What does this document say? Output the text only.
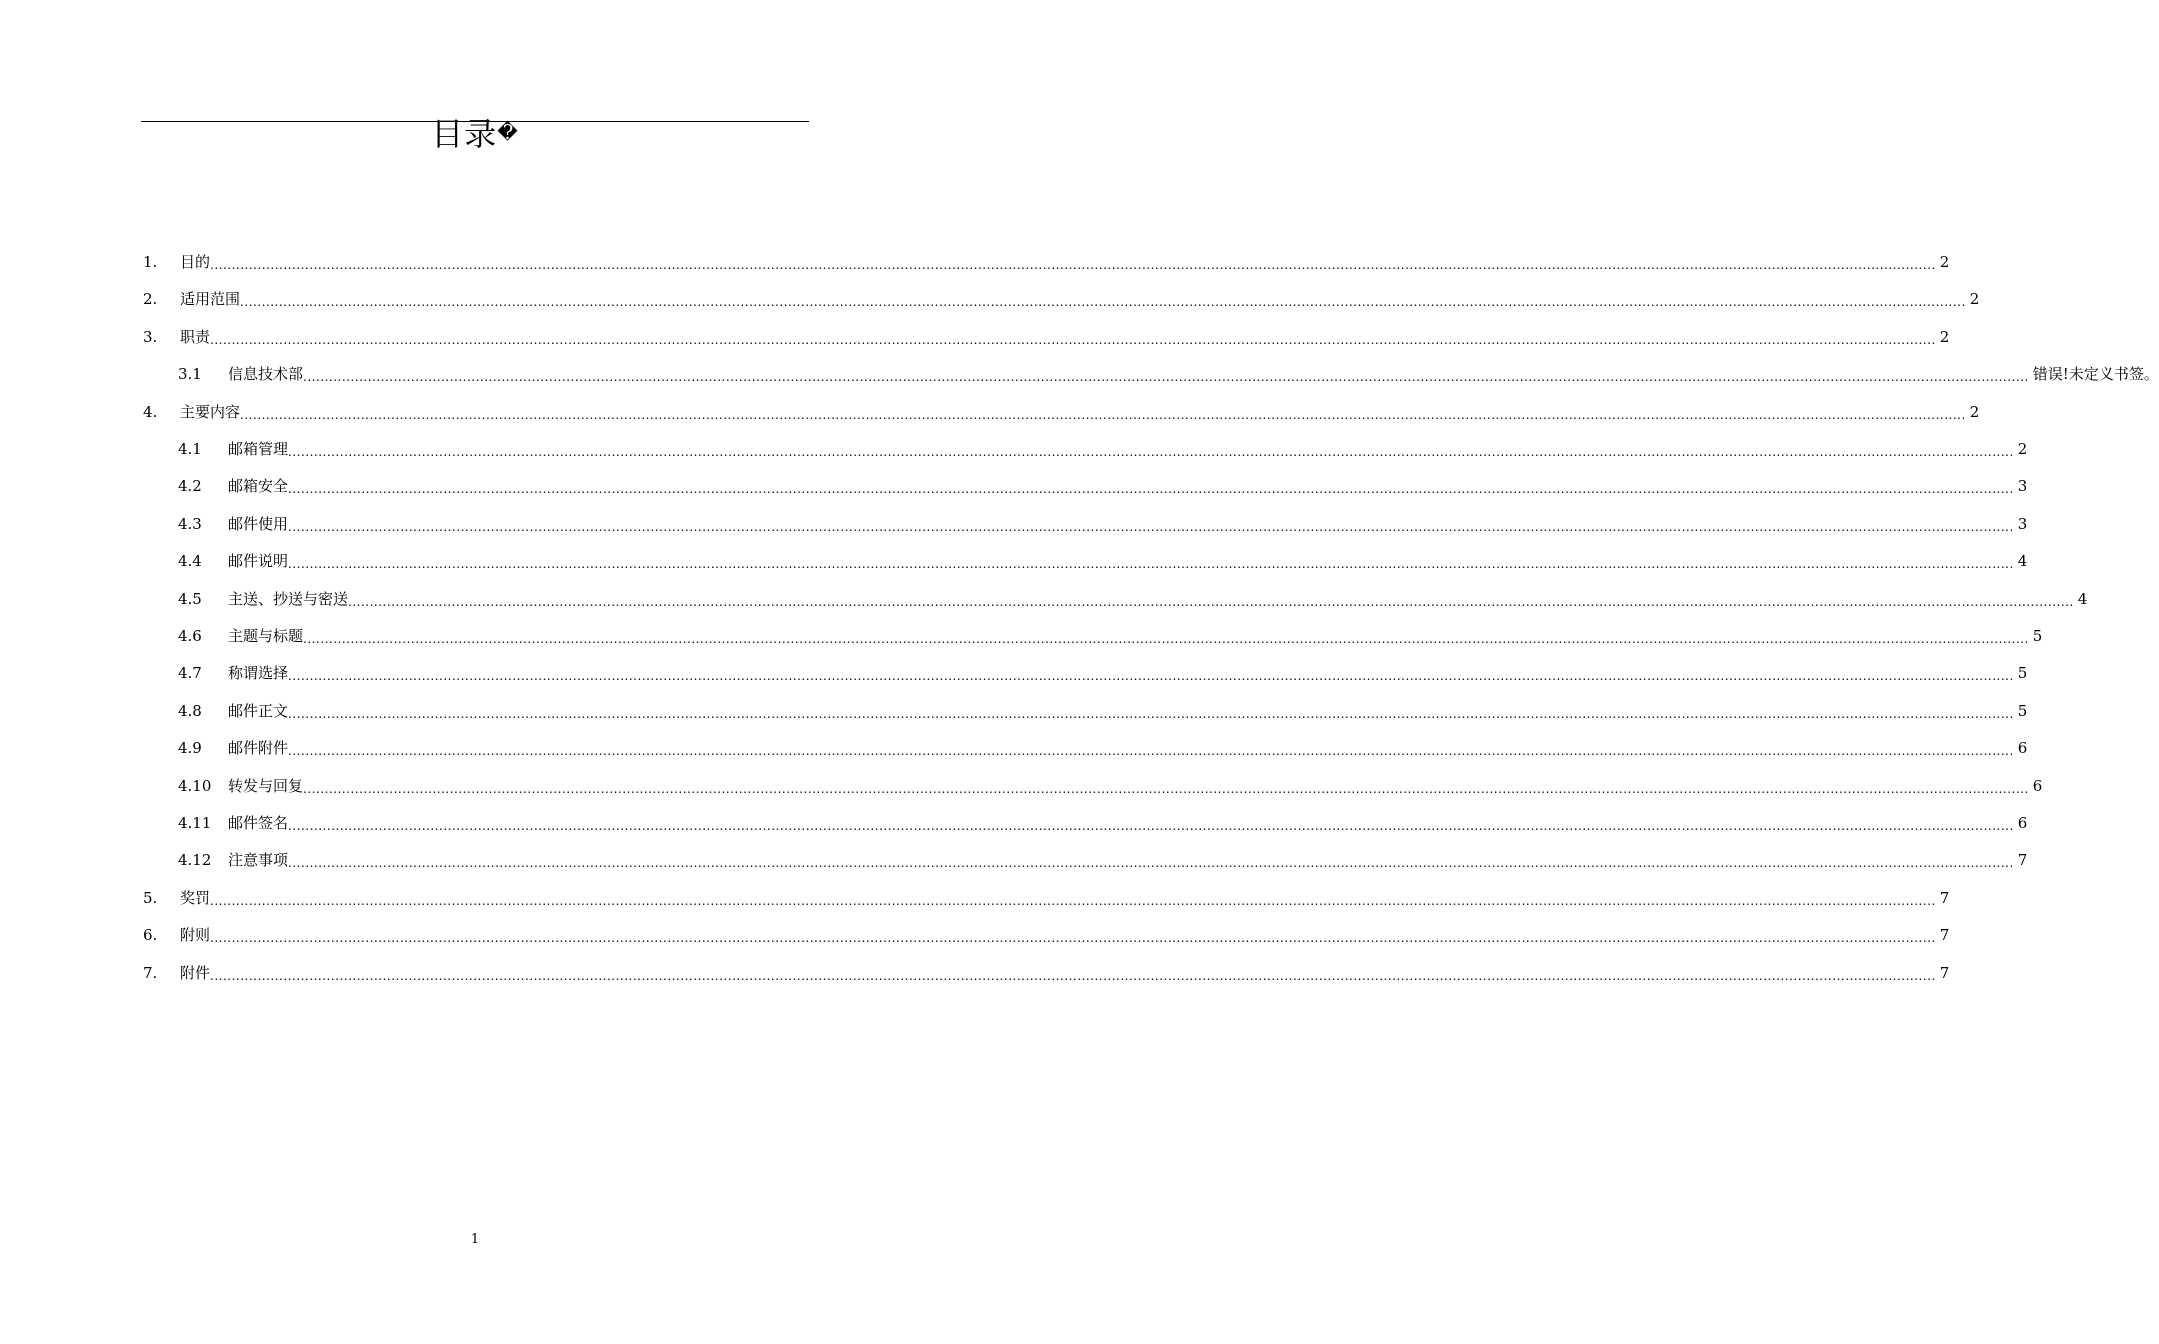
目录�
1.	目的 ................................................................................................................................................................................................................................................................................................................................................................................................................ 2
2.	适用范围 ................................................................................................................................................................................................................................................................................................................................................................................................................ 2
3.	职责 ................................................................................................................................................................................................................................................................................................................................................................................................................ 2
3.1	信息技术部 ................................................................................................................................................................................................................................................................................................................................................................................................................ 错误!未定义书签。
4.	主要内容 ................................................................................................................................................................................................................................................................................................................................................................................................................ 2
4.1	邮箱管理 ................................................................................................................................................................................................................................................................................................................................................................................................................ 2
4.2	邮箱安全 ................................................................................................................................................................................................................................................................................................................................................................................................................ 3
4.3	邮件使用 ................................................................................................................................................................................................................................................................................................................................................................................................................ 3
4.4	邮件说明 ................................................................................................................................................................................................................................................................................................................................................................................................................ 4
4.5	主送、抄送与密送 ................................................................................................................................................................................................................................................................................................................................................................................................................ 4
4.6	主题与标题 ................................................................................................................................................................................................................................................................................................................................................................................................................ 5
4.7	称谓选择 ................................................................................................................................................................................................................................................................................................................................................................................................................ 5
4.8	邮件正文 ................................................................................................................................................................................................................................................................................................................................................................................................................ 5
4.9	邮件附件 ................................................................................................................................................................................................................................................................................................................................................................................................................ 6
4.10	转发与回复 ................................................................................................................................................................................................................................................................................................................................................................................................................ 6
4.11	邮件签名 ................................................................................................................................................................................................................................................................................................................................................................................................................ 6
4.12	注意事项 ................................................................................................................................................................................................................................................................................................................................................................................................................ 7
5.	奖罚 ................................................................................................................................................................................................................................................................................................................................................................................................................ 7
6.	附则 ................................................................................................................................................................................................................................................................................................................................................................................................................ 7
7.	附件 ................................................................................................................................................................................................................................................................................................................................................................................................................ 7
1
